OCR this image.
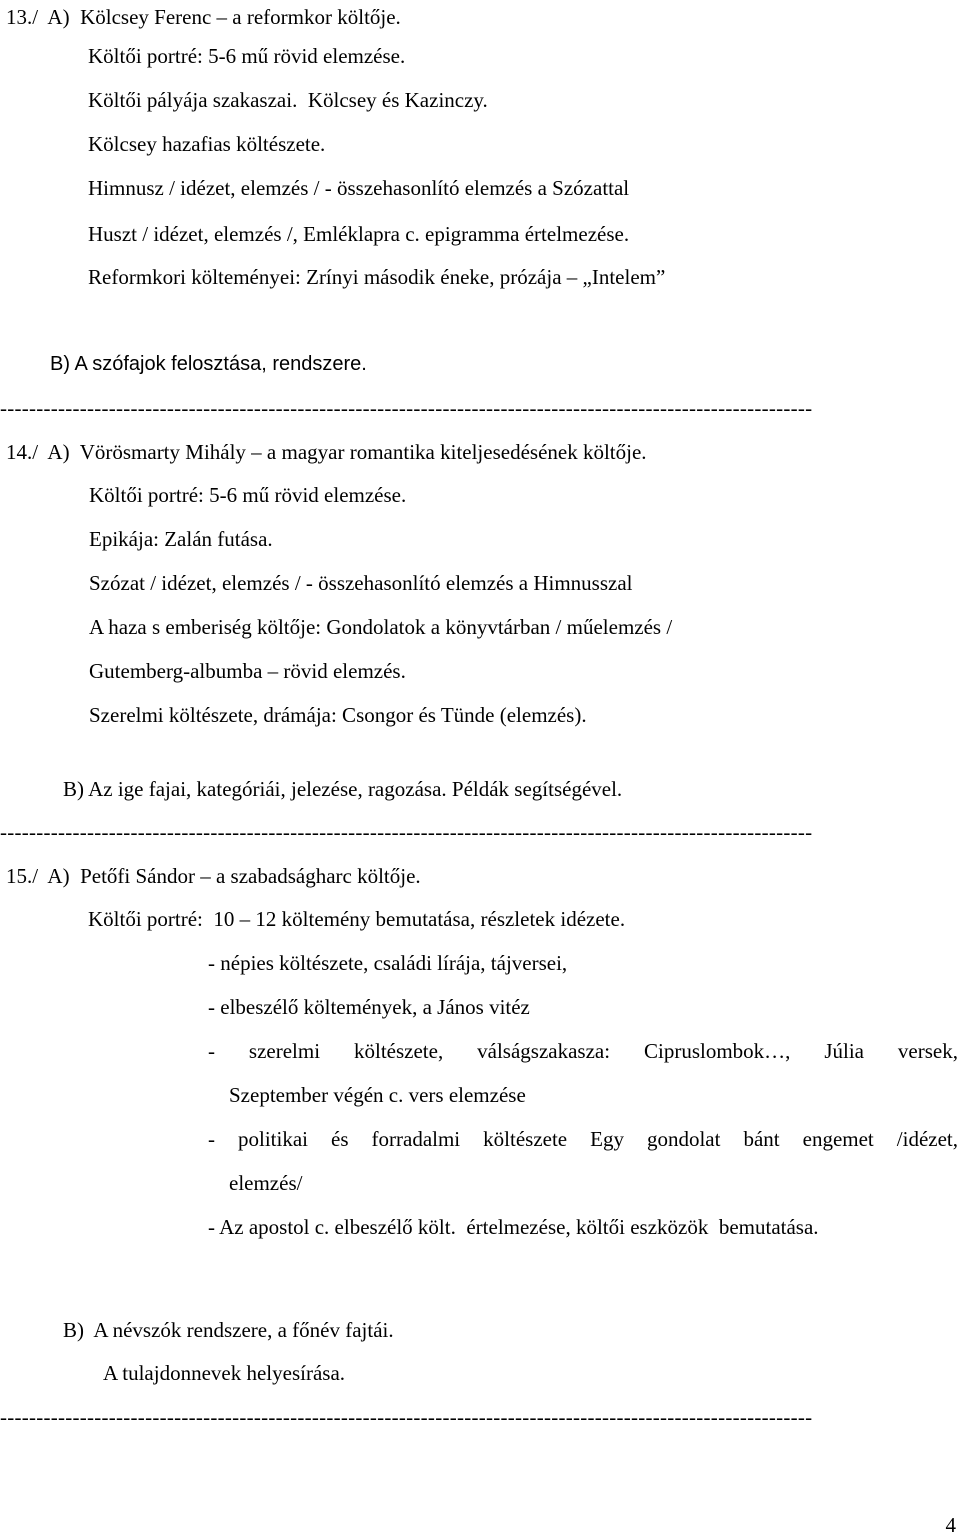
13./  A)  Kölcsey Ferenc – a reformkor költője.
Költői portré: 5-6 mű rövid elemzése.
Költői pályája szakaszai.  Kölcsey és Kazinczy.
Kölcsey hazafias költészete.
Himnusz / idézet, elemzés / - összehasonlító elemzés a Szózattal
Huszt / idézet, elemzés /, Emléklapra c. epigramma értelmezése.
Reformkori költeményei: Zrínyi második éneke, prózája – „Intelem”
B) A szófajok felosztása, rendszere.
----------------------------------------------------------------------------------------------------------------
14./  A)  Vörösmarty Mihály – a magyar romantika kiteljesedésének költője.
Költői portré: 5-6 mű rövid elemzése.
Epikája: Zalán futása.
Szózat / idézet, elemzés / - összehasonlító elemzés a Himnusszal
A haza s emberiség költője: Gondolatok a könyvtárban / műelemzés /
Gutemberg-albumba – rövid elemzés.
Szerelmi költészete, drámája: Csongor és Tünde (elemzés).
B) Az ige fajai, kategóriái, jelezése, ragozása. Példák segítségével.
----------------------------------------------------------------------------------------------------------------
15./  A)  Petőfi Sándor – a szabadságharc költője.
Költői portré:  10 – 12 költemény bemutatása, részletek idézete.
- népies költészete, családi lírája, tájversei,
- elbeszélő költemények, a János vitéz
- szerelmi költészete, válságszakasza: Cipruslombok…, Júlia versek,
Szeptember végén c. vers elemzése
- politikai és forradalmi költészete Egy gondolat bánt engemet /idézet,
elemzés/
- Az apostol c. elbeszélő költ.  értelmezése, költői eszközök  bemutatása.
B)  A névszók rendszere, a főnév fajtái.
A tulajdonnevek helyesírása.
----------------------------------------------------------------------------------------------------------------
4
